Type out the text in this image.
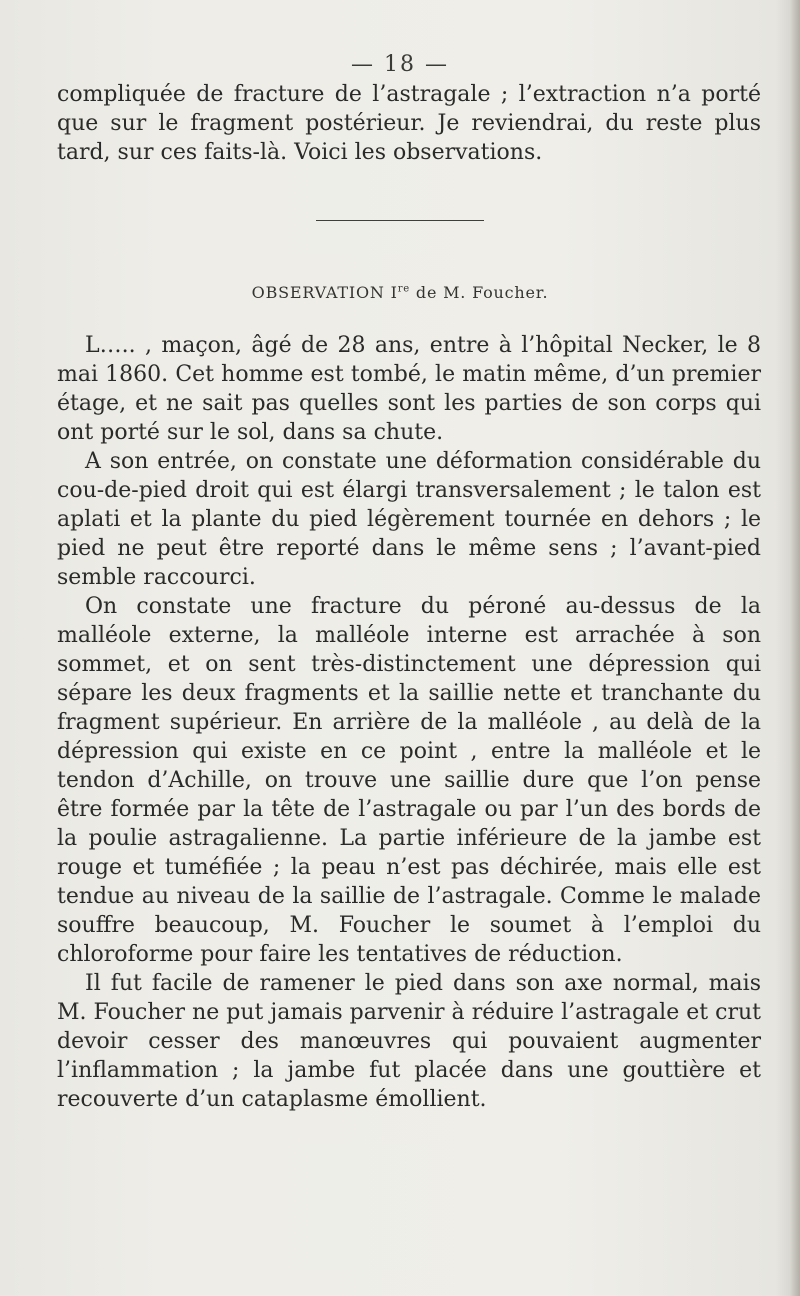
— 18 —

compliquée de fracture de l’astragale ; l’extraction n’a porté que sur le fragment postérieur. Je reviendrai, du reste plus tard, sur ces faits-là. Voici les observations.

OBSERVATION Ire de M. Foucher.

L….. , maçon, âgé de 28 ans, entre à l’hôpital Necker, le 8 mai 1860. Cet homme est tombé, le matin même, d’un premier étage, et ne sait pas quelles sont les parties de son corps qui ont porté sur le sol, dans sa chute.

A son entrée, on constate une déformation considérable du cou-de-pied droit qui est élargi transversalement ; le talon est aplati et la plante du pied légèrement tournée en dehors ; le pied ne peut être reporté dans le même sens ; l’avant-pied semble raccourci.

On constate une fracture du péroné au-dessus de la malléole externe, la malléole interne est arrachée à son sommet, et on sent très-distinctement une dépression qui sépare les deux fragments et la saillie nette et tranchante du fragment supérieur. En arrière de la malléole , au delà de la dépression qui existe en ce point , entre la malléole et le tendon d’Achille, on trouve une saillie dure que l’on pense être formée par la tête de l’astragale ou par l’un des bords de la poulie astragalienne. La partie inférieure de la jambe est rouge et tuméfiée ; la peau n’est pas déchirée, mais elle est tendue au niveau de la saillie de l’astragale. Comme le malade souffre beaucoup, M. Foucher le soumet à l’emploi du chloroforme pour faire les tentatives de réduction.

Il fut facile de ramener le pied dans son axe normal, mais M. Foucher ne put jamais parvenir à réduire l’astragale et crut devoir cesser des manœuvres qui pouvaient augmenter l’inflammation ; la jambe fut placée dans une gouttière et recouverte d’un cataplasme émollient.
